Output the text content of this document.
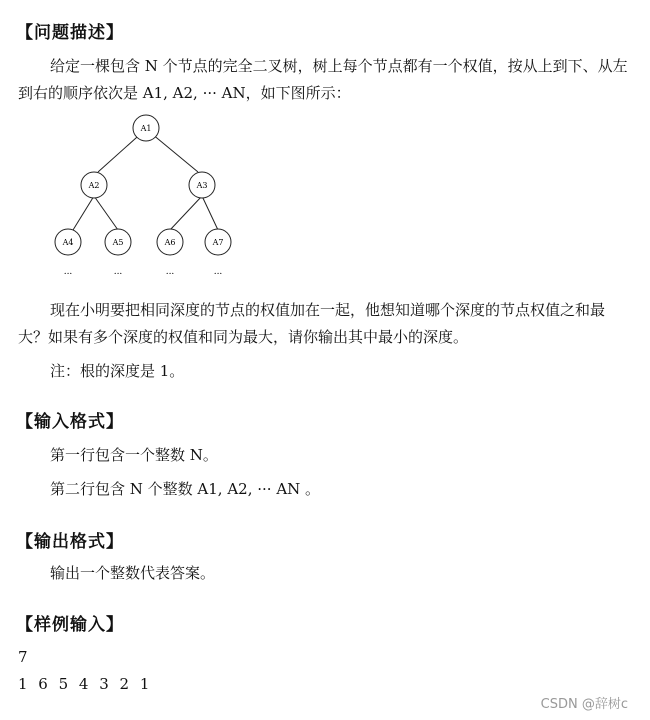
【问题描述】
给定一棵包含 N 个节点的完全二叉树，树上每个节点都有一个权值，按从上到下、从左到右的顺序依次是 A1, A2, ··· AN，如下图所示：
A1
A2	A3
A4	A5	A6	A7
...	...	...	...
现在小明要把相同深度的节点的权值加在一起，他想知道哪个深度的节点权值之和最大？如果有多个深度的权值和同为最大，请你输出其中最小的深度。
注：根的深度是 1。
【输入格式】
第一行包含一个整数 N。
第二行包含 N 个整数 A1, A2, ··· AN 。
【输出格式】
输出一个整数代表答案。
【样例输入】
7
1 6 5 4 3 2 1
CSDN @辞树c
